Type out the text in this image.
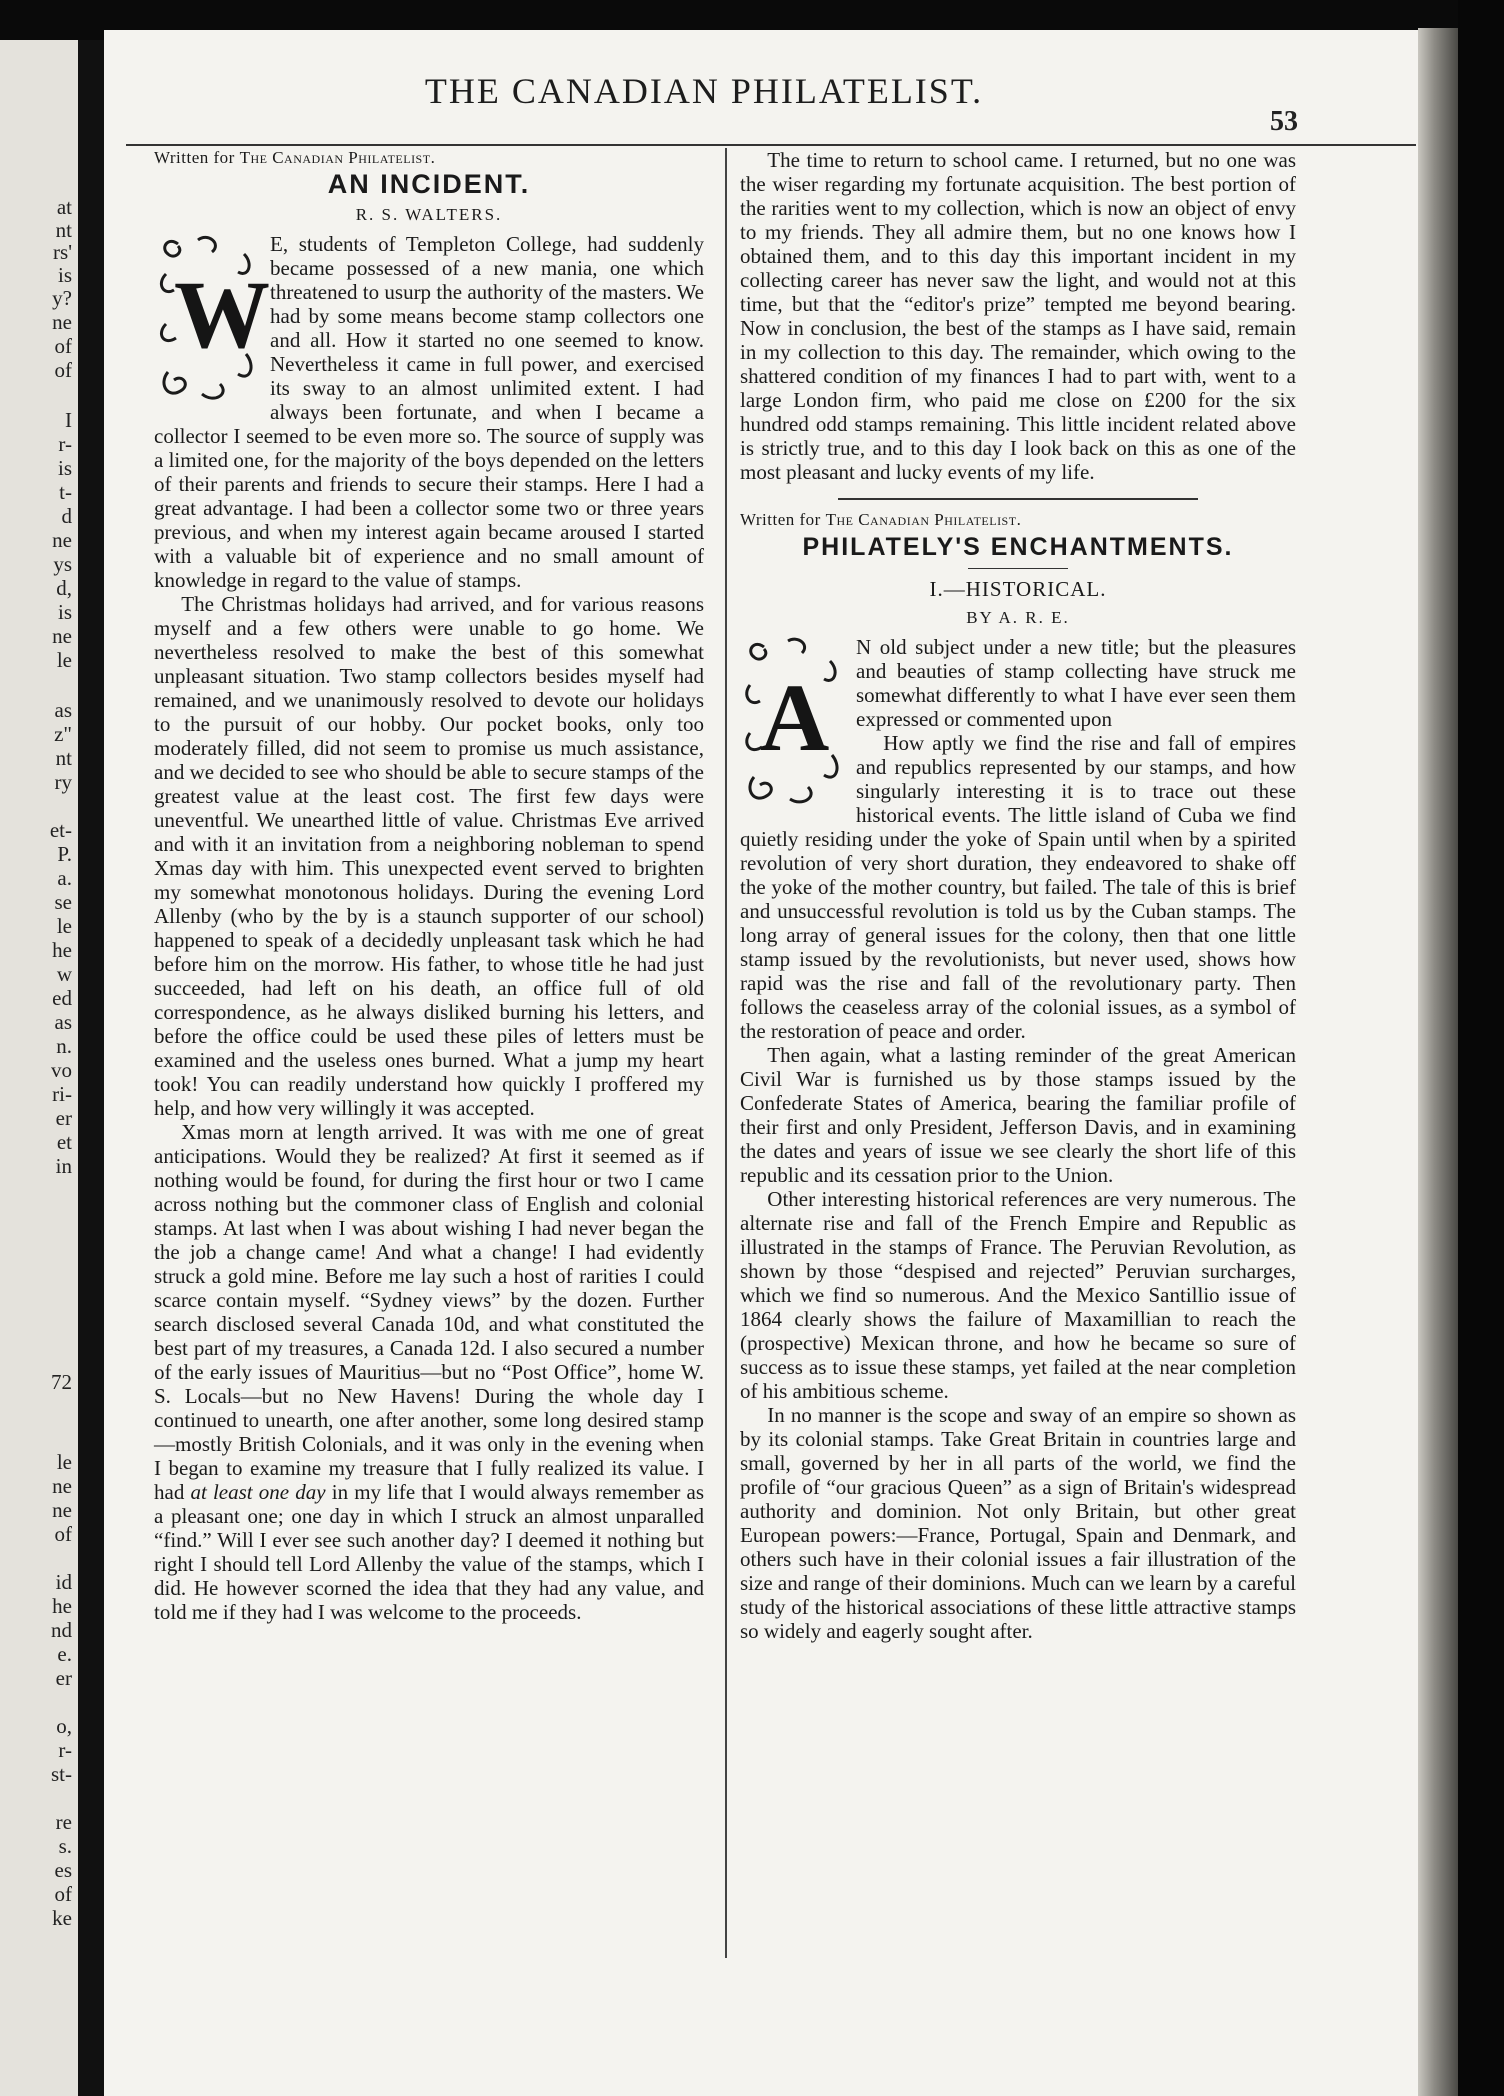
at
nt
rs'
is
y?
ne
of
of
I
r-
is
t-
d
ne
ys
d,
is
ne
le
as
z"
nt
ry
et-
P.
a.
se
le
he
w
ed
as
n.
vo
ri-
er
et
in
72
le
ne
ne
of
id
he
nd
e.
er
o,
r-
st-
re
s.
es
of
ke
THE CANADIAN PHILATELIST.
53
Written for The Canadian Philatelist.
AN INCIDENT.
R. S. WALTERS.

W
E, students of Templeton College, had suddenly became possessed of a new mania, one which threatened to usurp the authority of the masters. We had by some means become stamp collectors one and all. How it started no one seemed to know. Nevertheless it came in full power, and exercised its sway to an almost unlimited extent. I had always been fortunate, and when I became a collector I seemed to be even more so. The source of supply was a limited one, for the majority of the boys depended on the letters of their parents and friends to secure their stamps. Here I had a great advantage. I had been a collector some two or three years previous, and when my interest again became aroused I started with a valuable bit of experience and no small amount of knowledge in regard to the value of stamps.

The Christmas holidays had arrived, and for various reasons myself and a few others were unable to go home. We nevertheless resolved to make the best of this somewhat unpleasant situation. Two stamp collectors besides myself had remained, and we unanimously resolved to devote our holidays to the pursuit of our hobby. Our pocket books, only too moderately filled, did not seem to promise us much assistance, and we decided to see who should be able to secure stamps of the greatest value at the least cost. The first few days were uneventful. We unearthed little of value. Christmas Eve arrived and with it an invitation from a neighboring nobleman to spend Xmas day with him. This unexpected event served to brighten my somewhat monotonous holidays. During the evening Lord Allenby (who by the by is a staunch supporter of our school) happened to speak of a decidedly unpleasant task which he had before him on the morrow. His father, to whose title he had just succeeded, had left on his death, an office full of old correspondence, as he always disliked burning his letters, and before the office could be used these piles of letters must be examined and the useless ones burned. What a jump my heart took! You can readily understand how quickly I proffered my help, and how very willingly it was accepted.

Xmas morn at length arrived. It was with me one of great anticipations. Would they be realized? At first it seemed as if nothing would be found, for during the first hour or two I came across nothing but the commoner class of English and colonial stamps. At last when I was about wishing I had never began the the job a change came! And what a change! I had evidently struck a gold mine. Before me lay such a host of rarities I could scarce contain myself. “Sydney views” by the dozen. Further search disclosed several Canada 10d, and what constituted the best part of my treasures, a Canada 12d. I also secured a number of the early issues of Mauritius—but no “Post Office”, home W. S. Locals—but no New Havens! During the whole day I continued to unearth, one after another, some long desired stamp—mostly British Colonials, and it was only in the evening when I began to examine my treasure that I fully realized its value. I had at least one day in my life that I would always remember as a pleasant one; one day in which I struck an almost unparalled “find.” Will I ever see such another day? I deemed it nothing but right I should tell Lord Allenby the value of the stamps, which I did. He however scorned the idea that they had any value, and told me if they had I was welcome to the proceeds.

The time to return to school came. I returned, but no one was the wiser regarding my fortunate acquisition. The best portion of the rarities went to my collection, which is now an object of envy to my friends. They all admire them, but no one knows how I obtained them, and to this day this important incident in my collecting career has never saw the light, and would not at this time, but that the “editor's prize” tempted me beyond bearing. Now in conclusion, the best of the stamps as I have said, remain in my collection to this day. The remainder, which owing to the shattered condition of my finances I had to part with, went to a large London firm, who paid me close on £200 for the six hundred odd stamps remaining. This little incident related above is strictly true, and to this day I look back on this as one of the most pleasant and lucky events of my life.

Written for The Canadian Philatelist.
PHILATELY'S ENCHANTMENTS.
I.—HISTORICAL.
BY A. R. E.

A
N old subject under a new title; but the pleasures and beauties of stamp collecting have struck me somewhat differently to what I have ever seen them expressed or commented upon

How aptly we find the rise and fall of empires and republics represented by our stamps, and how singularly interesting it is to trace out these historical events. The little island of Cuba we find quietly residing under the yoke of Spain until when by a spirited revolution of very short duration, they endeavored to shake off the yoke of the mother country, but failed. The tale of this is brief and unsuccessful revolution is told us by the Cuban stamps. The long array of general issues for the colony, then that one little stamp issued by the revolutionists, but never used, shows how rapid was the rise and fall of the revolutionary party. Then follows the ceaseless array of the colonial issues, as a symbol of the restoration of peace and order.

Then again, what a lasting reminder of the great American Civil War is furnished us by those stamps issued by the Confederate States of America, bearing the familiar profile of their first and only President, Jefferson Davis, and in examining the dates and years of issue we see clearly the short life of this republic and its cessation prior to the Union.

Other interesting historical references are very numerous. The alternate rise and fall of the French Empire and Republic as illustrated in the stamps of France. The Peruvian Revolution, as shown by those “despised and rejected” Peruvian surcharges, which we find so numerous. And the Mexico Santillio issue of 1864 clearly shows the failure of Maxamillian to reach the (prospective) Mexican throne, and how he became so sure of success as to issue these stamps, yet failed at the near completion of his ambitious scheme.

In no manner is the scope and sway of an empire so shown as by its colonial stamps. Take Great Britain in countries large and small, governed by her in all parts of the world, we find the profile of “our gracious Queen” as a sign of Britain's widespread authority and dominion. Not only Britain, but other great European powers:—France, Portugal, Spain and Denmark, and others such have in their colonial issues a fair illustration of the size and range of their dominions. Much can we learn by a careful study of the historical associations of these little attractive stamps so widely and eagerly sought after.
